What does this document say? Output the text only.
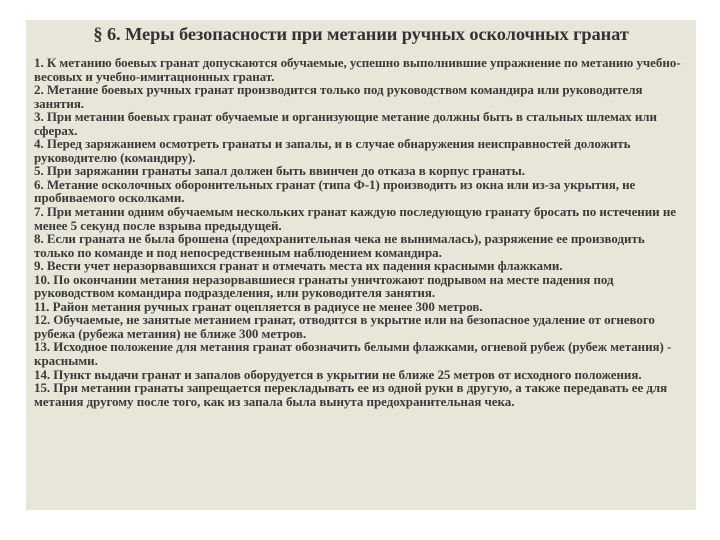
§ 6. Меры безопасности при метании ручных осколочных гранат

1. К метанию боевых гранат допускаются обучаемые, успешно выполнившие упражнение по метанию учебно-весовых и учебно-имитационных гранат.

2. Метание боевых ручных гранат производится только под руководством командира или руководителя занятия.

3. При метании боевых гранат обучаемые и организующие метание должны быть в стальных шлемах или сферах.

4. Перед заряжанием осмотреть гранаты и запалы, и в случае обнаружения неисправностей доложить руководителю (командиру).

5. При заряжании гранаты запал должен быть ввинчен до отказа в корпус гранаты.

6. Метание осколочных оборонительных гранат (типа Ф-1) производить из окна или из-за укрытия, не пробиваемого осколками.

7. При метании одним обучаемым нескольких гранат каждую последующую гранату бросать по истечении не менее 5 секунд после взрыва предыдущей.

8. Если граната не была брошена (предохранительная чека не вынималась), разряжение ее производить только по команде и под непосредственным наблюдением командира.

9. Вести учет неразорвавшихся гранат и отмечать места их падения красными флажками.

10. По окончании метания неразорвавшиеся гранаты уничтожают подрывом на месте падения под руководством командира подразделения, или руководителя занятия.

11. Район метания ручных гранат оцепляется в радиусе не менее 300 метров.

12. Обучаемые, не занятые метанием гранат, отводятся в укрытие или на безопасное удаление от огневого рубежа (рубежа метания) не ближе 300 метров.

13. Исходное положение для метания гранат обозначить белыми флажками, огневой рубеж (рубеж метания) - красными.

14. Пункт выдачи гранат и запалов оборудуется в укрытии не ближе 25 метров от исходного положения.

15. При метании гранаты запрещается перекладывать ее из одной руки в другую, а также передавать ее для метания другому после того, как из запала была вынута предохранительная чека.
